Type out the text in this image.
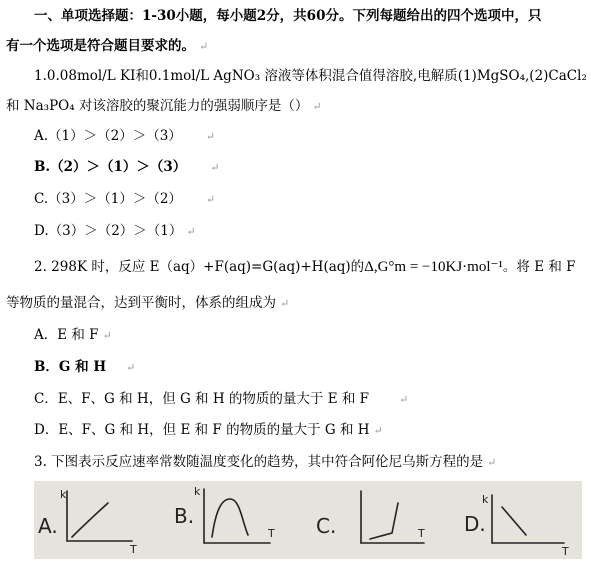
一、单项选择题：1-30小题，每小题2分，共60分。下列每题给出的四个选项中，只
有一个选项是符合题目要求的。 ↵
1.0.08mol/L KI和0.1mol/L AgNO₃ 溶液等体积混合值得溶胶,电解质(1)MgSO₄,(2)CaCl₂
和 Na₃PO₄ 对该溶胶的聚沉能力的强弱顺序是（） ↵
A.（1）＞（2）＞（3） ↵
B.（2）＞（1）＞（3） ↵
C.（3）＞（1）＞（2） ↵
D.（3）＞（2）＞（1） ↵
2. 298K 时，反应 E（aq）+F(aq)=G(aq)+H(aq)的Δ,G°m = −10KJ·mol⁻¹。将 E 和 F
等物质的量混合，达到平衡时，体系的组成为 ↵
A．E 和 F ↵
B．G 和 H ↵
C．E、F、G 和 H，但 G 和 H 的物质的量大于 E 和 F	↵
D．E、F、G 和 H，但 E 和 F 的物质的量大于 G 和 H ↵
3. 下图表示反应速率常数随温度变化的趋势，其中符合阿伦尼乌斯方程的是 ↵
A.
k
T
B.
k
T C.	T D.
k
T
